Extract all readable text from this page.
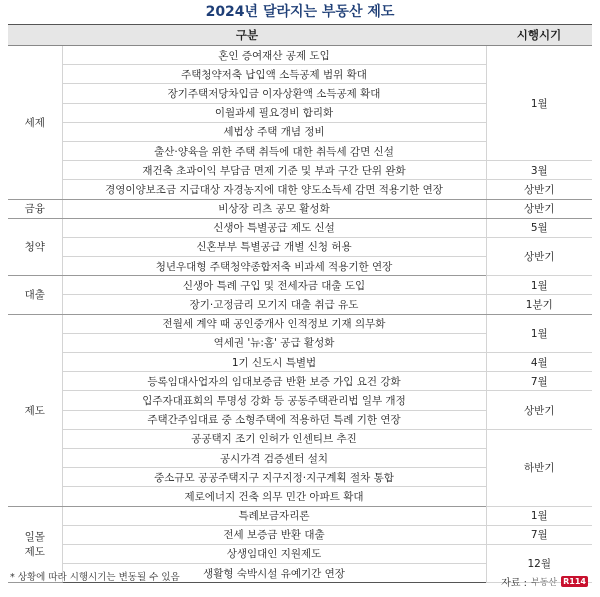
2024년 달라지는 부동산 제도
구분		시행시기
세제	혼인 증여재산 공제 도입	1월
	주택청약저축 납입액 소득공제 범위 확대	
	장기주택저당차입금 이자상환액 소득공제 확대	
	이월과세 필요경비 합리화	
	세법상 주택 개념 정비	
	출산·양육을 위한 주택 취득에 대한 취득세 감면 신설	
	재건축 초과이익 부담금 면제 기준 및 부과 구간 단위 완화	3월
	경영이양보조금 지급대상 자경농지에 대한 양도소득세 감면 적용기한 연장	상반기
금융	비상장 리츠 공모 활성화	상반기
청약	신생아 특별공급 제도 신설	5월
	신혼부부 특별공급 개별 신청 허용	상반기
	청년우대형 주택청약종합저축 비과세 적용기한 연장	
대출	신생아 특례 구입 및 전세자금 대출 도입	1월
	장기·고정금리 모기지 대출 취급 유도	1분기
제도	전월세 계약 때 공인중개사 인적정보 기재 의무화	1월
	역세권 '뉴:홈' 공급 활성화	
	1기 신도시 특별법	4월
	등록임대사업자의 임대보증금 반환 보증 가입 요건 강화	7월
	입주자대표회의 투명성 강화 등 공동주택관리법 일부 개정	상반기
	주택간주임대료 중 소형주택에 적용하던 특례 기한 연장	
	공공택지 조기 인허가 인센티브 추진	하반기
	공시가격 검증센터 설치	
	중소규모 공공주택지구 지구지정·지구계획 절차 통합	
	제로에너지 건축 의무 민간 아파트 확대	
일몰
제도	특례보금자리론	1월
	전세 보증금 반환 대출	7월
	상생임대인 지원제도	12월
	생활형 숙박시설 유예기간 연장	
* 상황에 따라 시행시기는 변동될 수 있음
자료 : 부동산 R114
